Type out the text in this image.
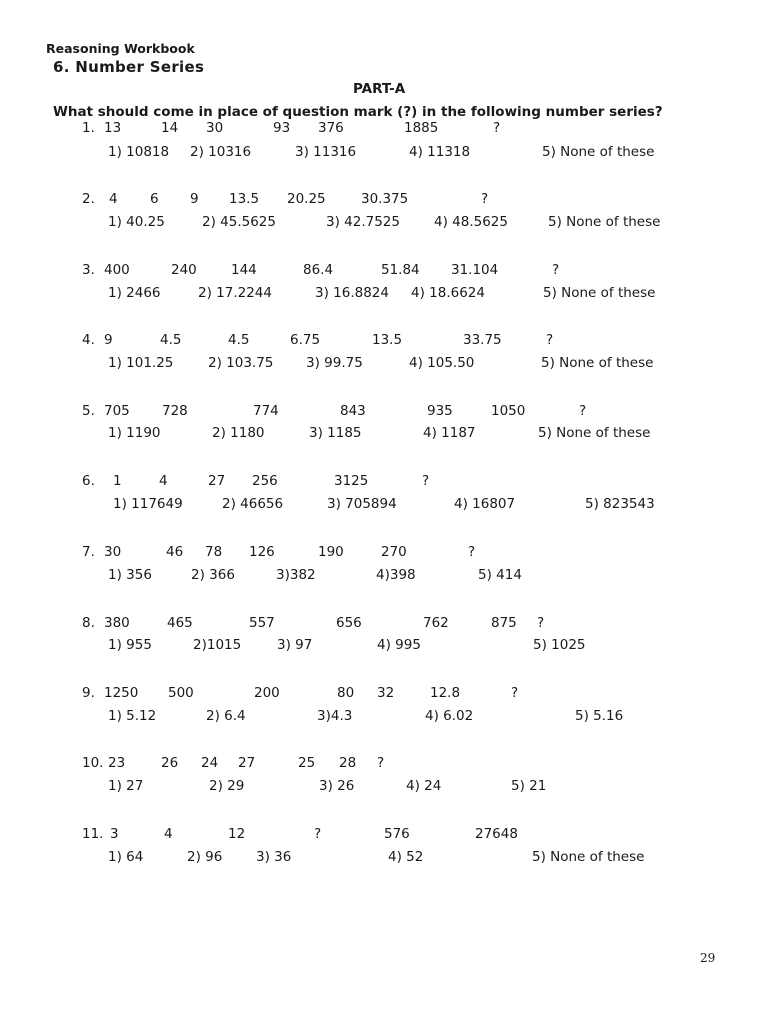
Reasoning Workbook
6. Number Series
PART-A
What should come in place of question mark (?) in the following number series?
1. 13	14 30	93 376	1885	?
1) 10818 2) 10316	3) 11316	4) 11318	5) None of these
2. 4 6 9 13.5 20.25	30.375	?
1) 40.25	2) 45.5625	3) 42.7525	4) 48.5625	5) None of these
3. 400	240	144	86.4	51.84 31.104	?
1) 2466	2) 17.2244	3) 16.8824 4) 18.6624	5) None of these
4. 9	4.5	4.5	6.75	13.5	33.75	?
1) 101.25	2) 103.75 3) 99.75	4) 105.50	5) None of these
5. 705 728	774	843	935	1050	?
1) 1190	2) 1180	3) 1185	4) 1187	5) None of these
6. 1	4	27 256	3125	?
1) 117649	2) 46656	3) 705894	4) 16807	5) 823543
7. 30	46 78 126	190	270	?
1) 356	2) 366	3)382	4)398	5) 414
8. 380	465	557	656	762	875 ?
1) 955	2)1015	3) 97	4) 995	5) 1025
9. 1250 500	200	80 32	12.8	?
1) 5.12	2) 6.4	3)4.3	4) 6.02	5) 5.16
10. 23	26 24 27	25 28 ?
1) 27	2) 29	3) 26	4) 24	5) 21
11. 3	4	12	?	576	27648
1) 64	2) 96 3) 36	4) 52	5) None of these
29
